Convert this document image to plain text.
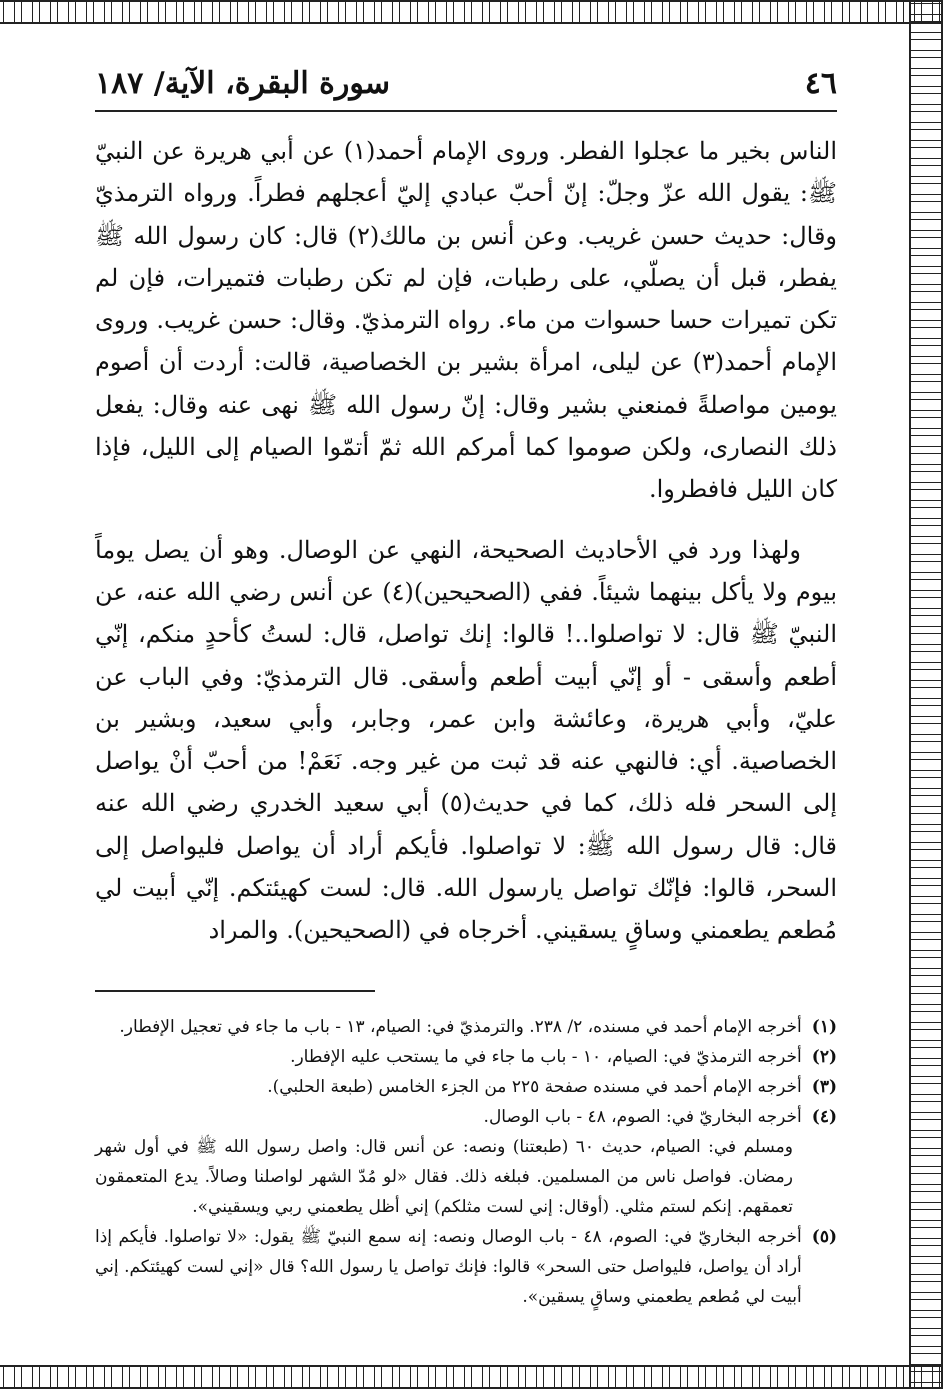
٤٦
سورة البقرة، الآية/ ١٨٧

الناس بخير ما عجلوا الفطر. وروى الإمام أحمد(١) عن أبي هريرة عن النبيّ ﷺ: يقول الله عزّ وجلّ: إنّ أحبّ عبادي إليّ أعجلهم فطراً. ورواه الترمذيّ وقال: حديث حسن غريب. وعن أنس بن مالك(٢) قال: كان رسول الله ﷺ يفطر، قبل أن يصلّي، على رطبات، فإن لم تكن رطبات فتميرات، فإن لم تكن تميرات حسا حسوات من ماء. رواه الترمذيّ. وقال: حسن غريب. وروى الإمام أحمد(٣) عن ليلى، امرأة بشير بن الخصاصية، قالت: أردت أن أصوم يومين مواصلةً فمنعني بشير وقال: إنّ رسول الله ﷺ نهى عنه وقال: يفعل ذلك النصارى، ولكن صوموا كما أمركم الله ثمّ أتمّوا الصيام إلى الليل، فإذا كان الليل فافطروا.

ولهذا ورد في الأحاديث الصحيحة، النهي عن الوصال. وهو أن يصل يوماً بيوم ولا يأكل بينهما شيئاً. ففي (الصحيحين)(٤) عن أنس رضي الله عنه، عن النبيّ ﷺ قال: لا تواصلوا..! قالوا: إنك تواصل، قال: لستُ كأحدٍ منكم، إنّي أطعم وأسقى - أو إنّي أبيت أطعم وأسقى. قال الترمذيّ: وفي الباب عن عليّ، وأبي هريرة، وعائشة وابن عمر، وجابر، وأبي سعيد، وبشير بن الخصاصية. أي: فالنهي عنه قد ثبت من غير وجه. نَعَمْ! من أحبّ أنْ يواصل إلى السحر فله ذلك، كما في حديث(٥) أبي سعيد الخدري رضي الله عنه قال: قال رسول الله ﷺ: لا تواصلوا. فأيكم أراد أن يواصل فليواصل إلى السحر، قالوا: فإنّك تواصل يارسول الله. قال: لست كهيئتكم. إنّي أبيت لي مُطعم يطعمني وساقٍ يسقيني. أخرجاه في (الصحيحين). والمراد

(١)
أخرجه الإمام أحمد في مسنده، ٢/ ٢٣٨. والترمذيّ في: الصيام، ١٣ - باب ما جاء في تعجيل الإفطار.
(٢)
أخرجه الترمذيّ في: الصيام، ١٠ - باب ما جاء في ما يستحب عليه الإفطار.
(٣)
أخرجه الإمام أحمد في مسنده صفحة ٢٢٥ من الجزء الخامس (طبعة الحلبي).
(٤)
أخرجه البخاريّ في: الصوم، ٤٨ - باب الوصال.
ومسلم في: الصيام، حديث ٦٠ (طبعتنا) ونصه: عن أنس قال: واصل رسول الله ﷺ في أول شهر رمضان. فواصل ناس من المسلمين. فبلغه ذلك. فقال «لو مُدّ الشهر لواصلنا وصالاً. يدع المتعمقون تعمقهم. إنكم لستم مثلي. (أوقال: إني لست مثلكم) إني أظل يطعمني ربي ويسقيني».
(٥)
أخرجه البخاريّ في: الصوم، ٤٨ - باب الوصال ونصه: إنه سمع النبيّ ﷺ يقول: «لا تواصلوا. فأيكم إذا أراد أن يواصل، فليواصل حتى السحر» قالوا: فإنك تواصل يا رسول الله؟ قال «إني لست كهيئتكم. إني أبيت لي مُطعم يطعمني وساقٍ يسقين».
